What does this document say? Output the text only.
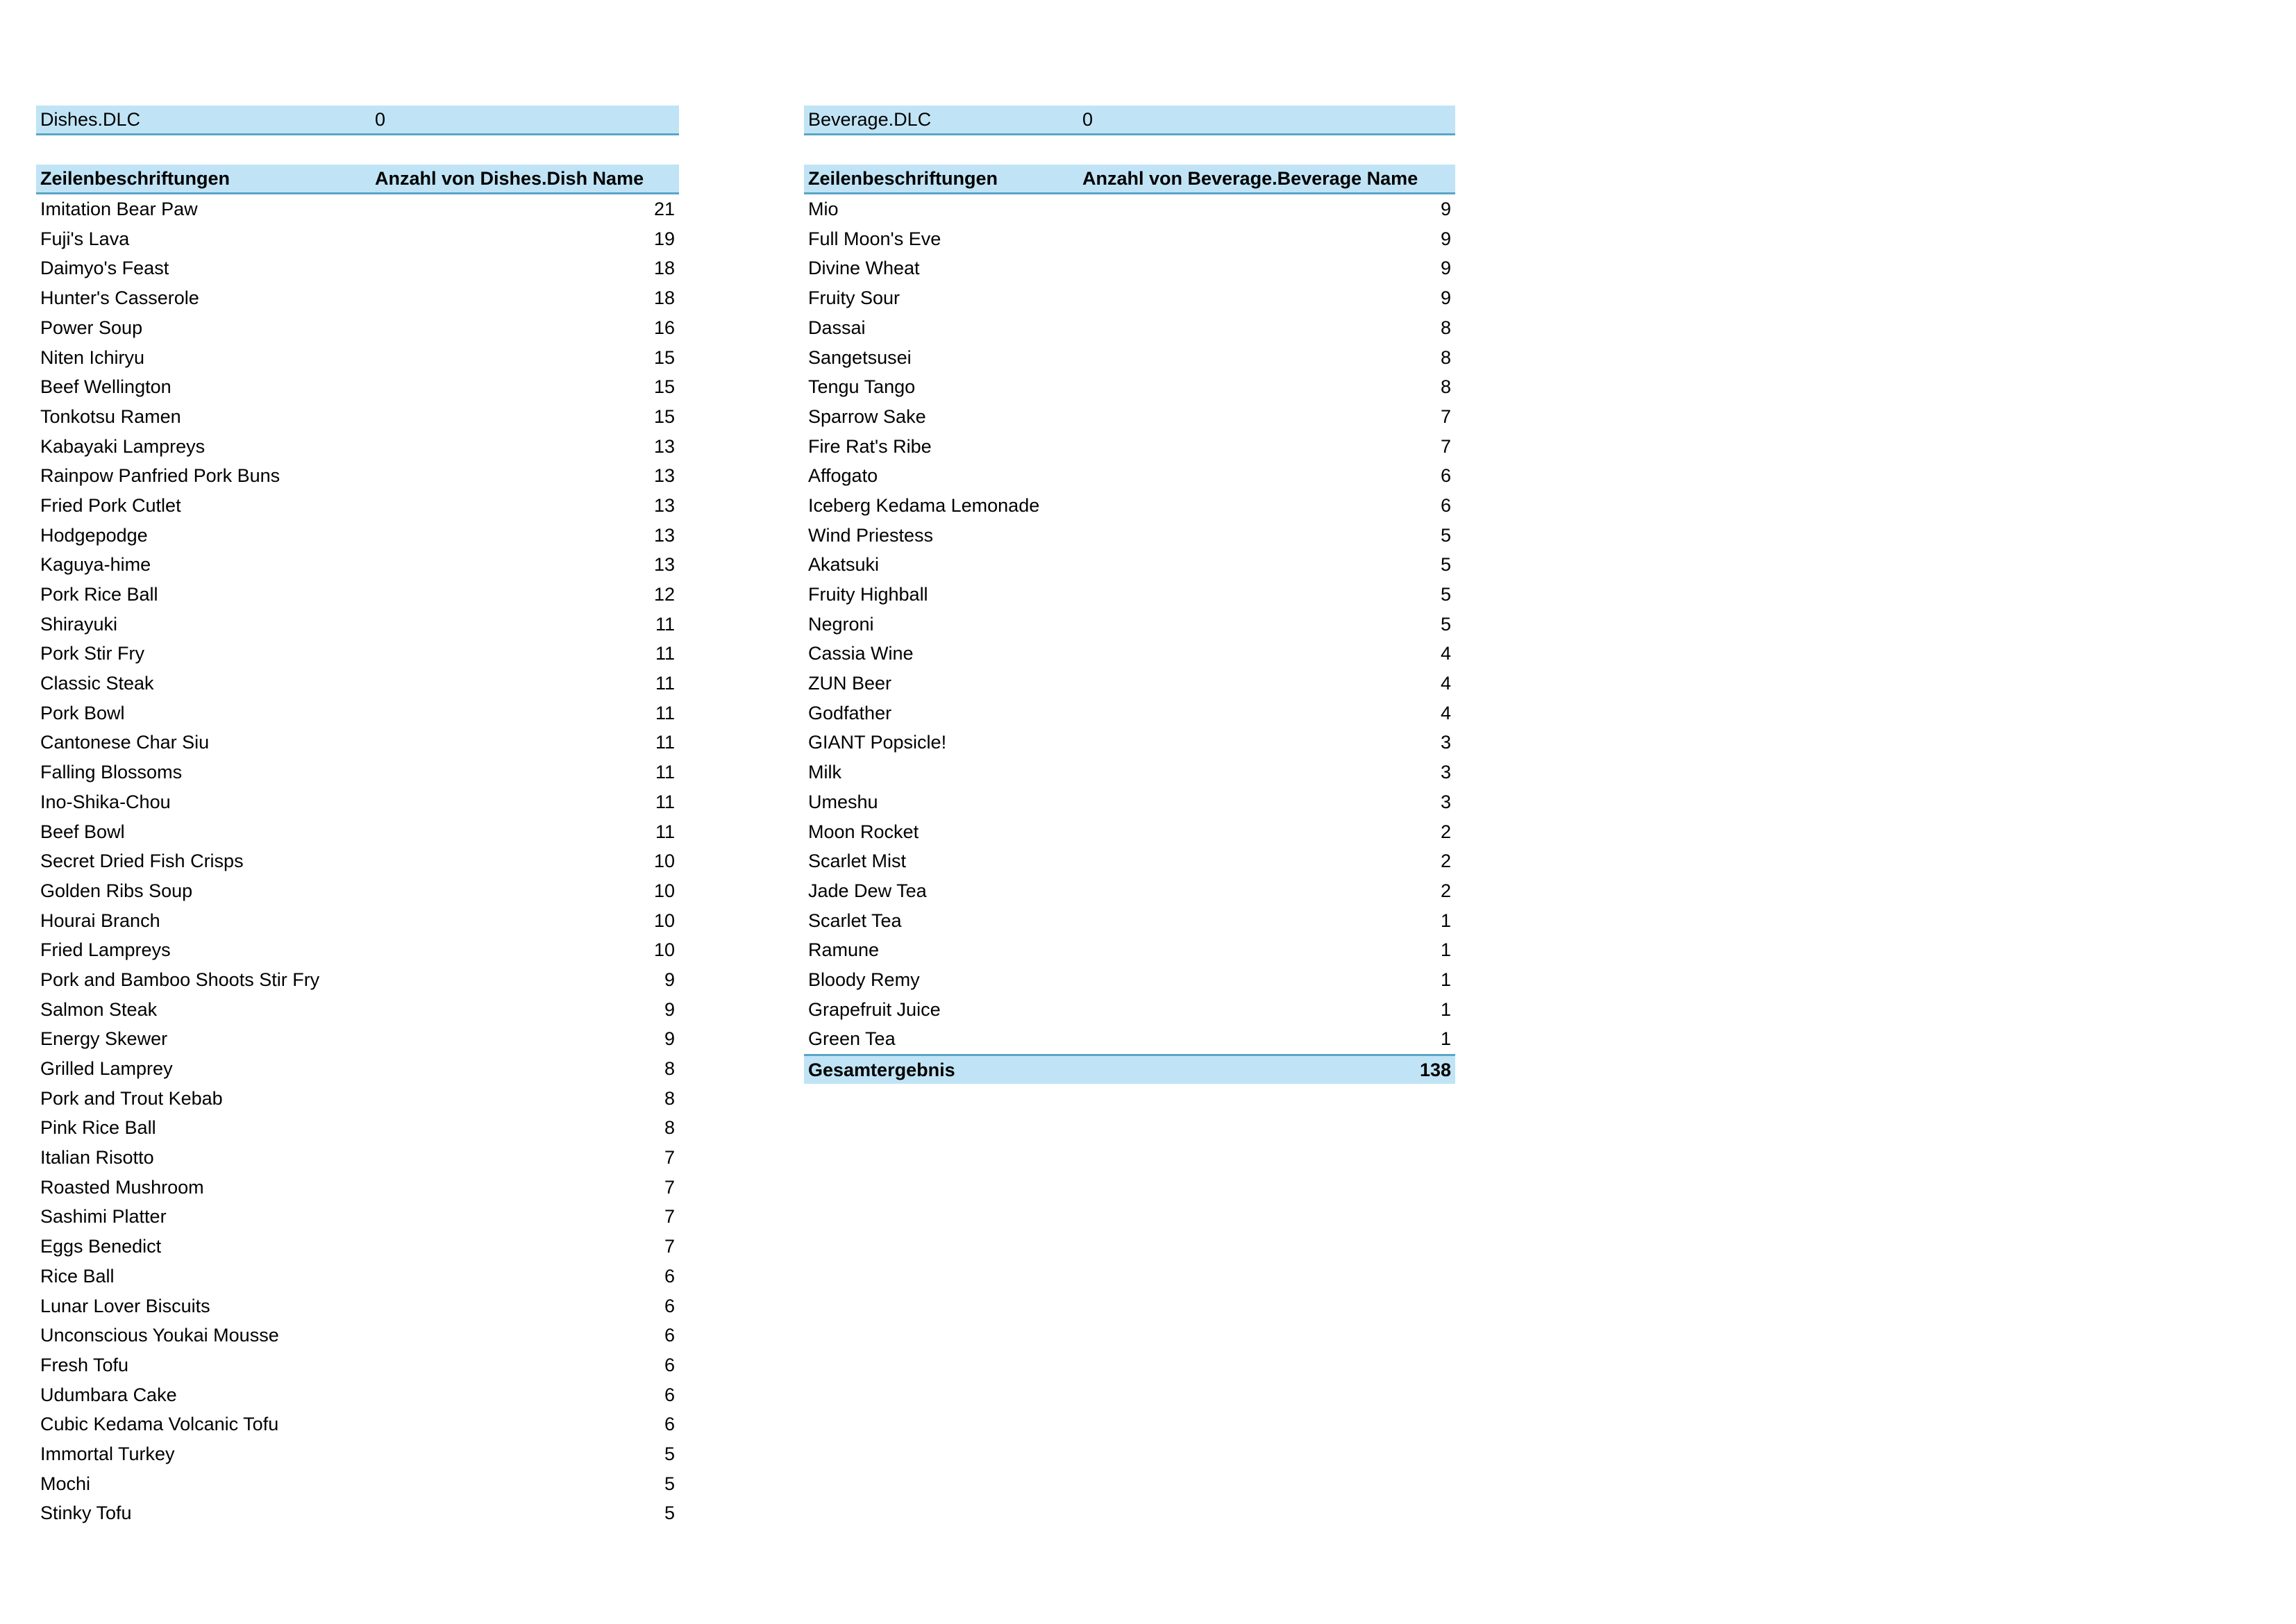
Dishes.DLC	0
Zeilenbeschriftungen	Anzahl von Dishes.Dish Name
Imitation Bear Paw	21
Fuji's Lava	19
Daimyo's Feast	18
Hunter's Casserole	18
Power Soup	16
Niten Ichiryu	15
Beef Wellington	15
Tonkotsu Ramen	15
Kabayaki Lampreys	13
Rainpow Panfried Pork Buns	13
Fried Pork Cutlet	13
Hodgepodge	13
Kaguya-hime	13
Pork Rice Ball	12
Shirayuki	11
Pork Stir Fry	11
Classic Steak	11
Pork Bowl	11
Cantonese Char Siu	11
Falling Blossoms	11
Ino-Shika-Chou	11
Beef Bowl	11
Secret Dried Fish Crisps	10
Golden Ribs Soup	10
Hourai Branch	10
Fried Lampreys	10
Pork and Bamboo Shoots Stir Fry	9
Salmon Steak	9
Energy Skewer	9
Grilled Lamprey	8
Pork and Trout Kebab	8
Pink Rice Ball	8
Italian Risotto	7
Roasted Mushroom	7
Sashimi Platter	7
Eggs Benedict	7
Rice Ball	6
Lunar Lover Biscuits	6
Unconscious Youkai Mousse	6
Fresh Tofu	6
Udumbara Cake	6
Cubic Kedama Volcanic Tofu	6
Immortal Turkey	5
Mochi	5
Stinky Tofu	5
Beverage.DLC	0
Zeilenbeschriftungen	Anzahl von Beverage.Beverage Name
Mio	9
Full Moon's Eve	9
Divine Wheat	9
Fruity Sour	9
Dassai	8
Sangetsusei	8
Tengu Tango	8
Sparrow Sake	7
Fire Rat's Ribe	7
Affogato	6
Iceberg Kedama Lemonade	6
Wind Priestess	5
Akatsuki	5
Fruity Highball	5
Negroni	5
Cassia Wine	4
ZUN Beer	4
Godfather	4
GIANT Popsicle!	3
Milk	3
Umeshu	3
Moon Rocket	2
Scarlet Mist	2
Jade Dew Tea	2
Scarlet Tea	1
Ramune	1
Bloody Remy	1
Grapefruit Juice	1
Green Tea	1
Gesamtergebnis	138
